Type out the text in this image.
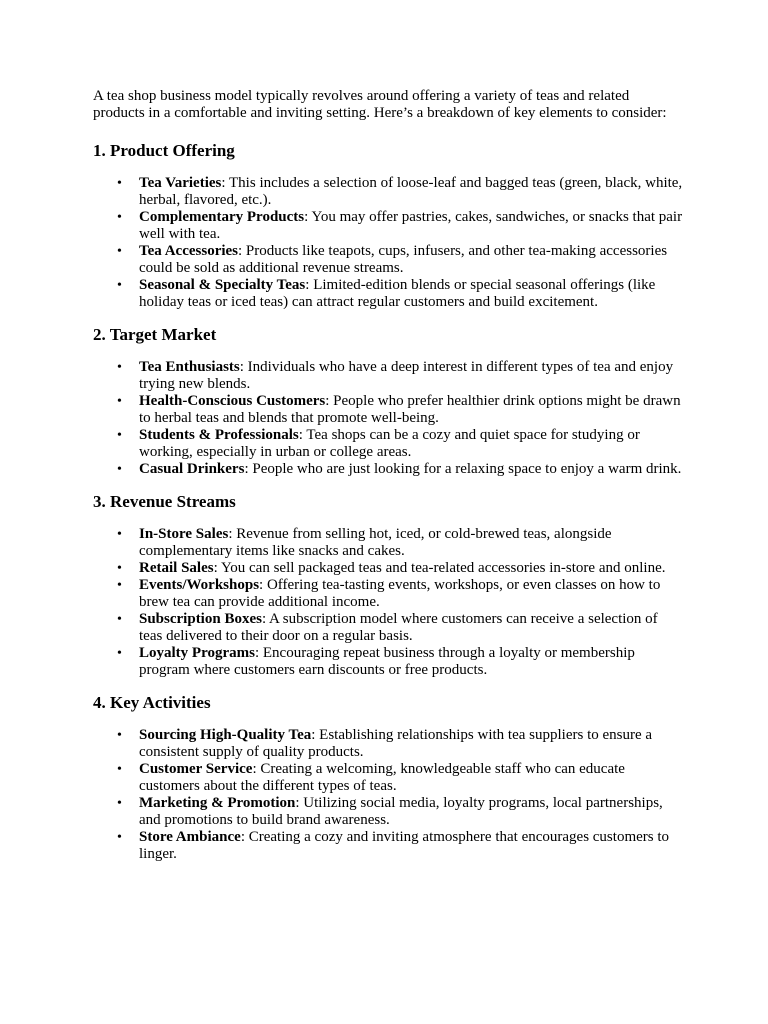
A tea shop business model typically revolves around offering a variety of teas and related products in a comfortable and inviting setting. Here’s a breakdown of key elements to consider:

1. Product Offering
• Tea Varieties: This includes a selection of loose-leaf and bagged teas (green, black, white, herbal, flavored, etc.).
• Complementary Products: You may offer pastries, cakes, sandwiches, or snacks that pair well with tea.
• Tea Accessories: Products like teapots, cups, infusers, and other tea-making accessories could be sold as additional revenue streams.
• Seasonal & Specialty Teas: Limited-edition blends or special seasonal offerings (like holiday teas or iced teas) can attract regular customers and build excitement.
2. Target Market
• Tea Enthusiasts: Individuals who have a deep interest in different types of tea and enjoy trying new blends.
• Health-Conscious Customers: People who prefer healthier drink options might be drawn to herbal teas and blends that promote well-being.
• Students & Professionals: Tea shops can be a cozy and quiet space for studying or working, especially in urban or college areas.
• Casual Drinkers: People who are just looking for a relaxing space to enjoy a warm drink.
3. Revenue Streams
• In-Store Sales: Revenue from selling hot, iced, or cold-brewed teas, alongside complementary items like snacks and cakes.
• Retail Sales: You can sell packaged teas and tea-related accessories in-store and online.
• Events/Workshops: Offering tea-tasting events, workshops, or even classes on how to brew tea can provide additional income.
• Subscription Boxes: A subscription model where customers can receive a selection of teas delivered to their door on a regular basis.
• Loyalty Programs: Encouraging repeat business through a loyalty or membership program where customers earn discounts or free products.
4. Key Activities
• Sourcing High-Quality Tea: Establishing relationships with tea suppliers to ensure a consistent supply of quality products.
• Customer Service: Creating a welcoming, knowledgeable staff who can educate customers about the different types of teas.
• Marketing & Promotion: Utilizing social media, loyalty programs, local partnerships, and promotions to build brand awareness.
• Store Ambiance: Creating a cozy and inviting atmosphere that encourages customers to linger.
